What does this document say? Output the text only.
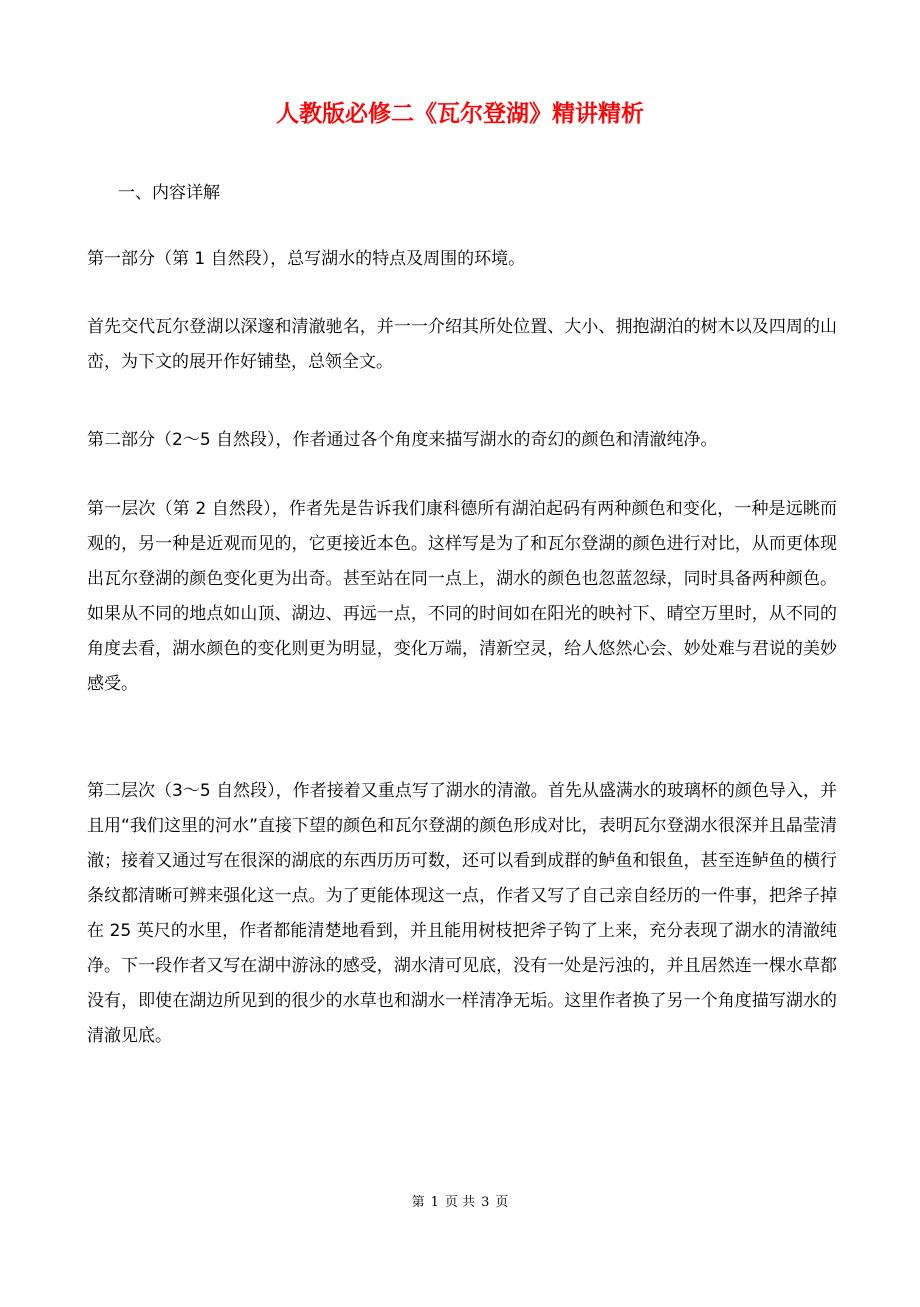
人教版必修二《瓦尔登湖》精讲精析

一、内容详解

第一部分（第 1 自然段），总写湖水的特点及周围的环境。

首先交代瓦尔登湖以深邃和清澈驰名，并一一介绍其所处位置、大小、拥抱湖泊的树木以及四周的山峦，为下文的展开作好铺垫，总领全文。

第二部分（2～5 自然段），作者通过各个角度来描写湖水的奇幻的颜色和清澈纯净。

第一层次（第 2 自然段），作者先是告诉我们康科德所有湖泊起码有两种颜色和变化，一种是远眺而观的，另一种是近观而见的，它更接近本色。这样写是为了和瓦尔登湖的颜色进行对比，从而更体现出瓦尔登湖的颜色变化更为出奇。甚至站在同一点上，湖水的颜色也忽蓝忽绿，同时具备两种颜色。如果从不同的地点如山顶、湖边、再远一点，不同的时间如在阳光的映衬下、晴空万里时，从不同的角度去看，湖水颜色的变化则更为明显，变化万端，清新空灵，给人悠然心会、妙处难与君说的美妙感受。

第二层次（3～5 自然段），作者接着又重点写了湖水的清澈。首先从盛满水的玻璃杯的颜色导入，并且用“我们这里的河水”直接下望的颜色和瓦尔登湖的颜色形成对比，表明瓦尔登湖水很深并且晶莹清澈；接着又通过写在很深的湖底的东西历历可数，还可以看到成群的鲈鱼和银鱼，甚至连鲈鱼的横行条纹都清晰可辨来强化这一点。为了更能体现这一点，作者又写了自己亲自经历的一件事，把斧子掉在 25 英尺的水里，作者都能清楚地看到，并且能用树枝把斧子钩了上来，充分表现了湖水的清澈纯净。下一段作者又写在湖中游泳的感受，湖水清可见底，没有一处是污浊的，并且居然连一棵水草都没有，即使在湖边所见到的很少的水草也和湖水一样清净无垢。这里作者换了另一个角度描写湖水的清澈见底。

第 1 页 共 3 页
